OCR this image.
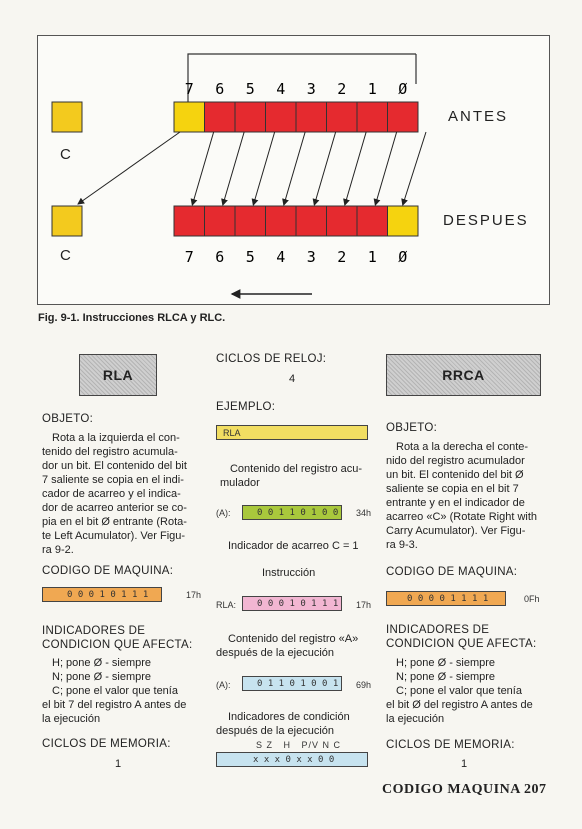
7 6 5 4 3 2 1 Ø
7 6 5 4 3 2 1 Ø
C
C
ANTES
DESPUES
Fig. 9-1. Instrucciones RLCA y RLC.
RLA
OBJETO:
Rota a la izquierda el con-
tenido del registro acumula-
dor un bit. El contenido del bit
7 saliente se copia en el indi-
cador de acarreo y el indica-
dor de acarreo anterior se co-
pia en el bit Ø entrante (Rota-
te Left Acumulator). Ver Figu-
ra 9-2.
CODIGO DE MAQUINA:
0 0 0 1 0 1 1 1	17h
INDICADORES DE
CONDICION QUE AFECTA:
H; pone Ø - siempre
N; pone Ø - siempre
C; pone el valor que tenía
el bit 7 del registro A antes de
la ejecución
CICLOS DE MEMORIA:
1
CICLOS DE RELOJ:
4
EJEMPLO:
RLA
Contenido del registro acu-
mulador
(A):	0 0 1 1 0 1 0 0	34h
Indicador de acarreo C = 1
Instrucción
RLA:	0 0 0 1 0 1 1 1	17h
Contenido del registro «A»
después de la ejecución
(A):	0 1 1 0 1 0 0 1	69h
Indicadores de condición
después de la ejecución
S Z   H   P/V N C
x x x 0 x x 0 0
RRCA
OBJETO:
Rota a la derecha el conte-
nido del registro acumulador
un bit. El contenido del bit Ø
saliente se copia en el bit 7
entrante y en el indicador de
acarreo «C» (Rotate Right with
Carry Acumulator). Ver Figu-
ra 9-3.
CODIGO DE MAQUINA:
0 0 0 0 1 1 1 1	0Fh
INDICADORES DE
CONDICION QUE AFECTA:
H; pone Ø - siempre
N; pone Ø - siempre
C; pone el valor que tenía
el bit Ø del registro A antes de
la ejecución
CICLOS DE MEMORIA:
1
CODIGO MAQUINA 207
